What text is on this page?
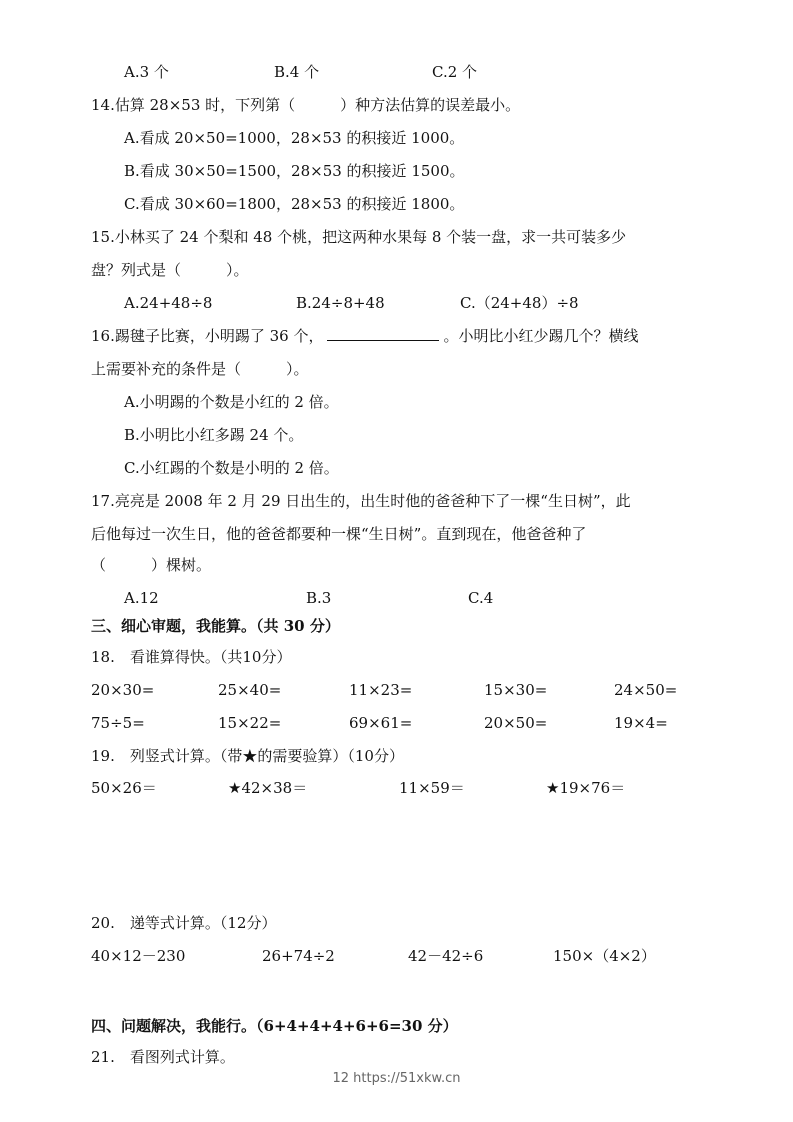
A.3 个	B.4 个	C.2 个
14.估算 28×53 时，下列第（　　　）种方法估算的误差最小。
A.看成 20×50=1000，28×53 的积接近 1000。
B.看成 30×50=1500，28×53 的积接近 1500。
C.看成 30×60=1800，28×53 的积接近 1800。
15.小林买了 24 个梨和 48 个桃，把这两种水果每 8 个装一盘，求一共可装多少
盘？列式是（　　　）。
A.24+48÷8	B.24÷8+48	C.（24+48）÷8
16.踢毽子比赛，小明踢了 36 个，	。小明比小红少踢几个？横线
上需要补充的条件是（　　　）。
A.小明踢的个数是小红的 2 倍。
B.小明比小红多踢 24 个。
C.小红踢的个数是小明的 2 倍。
17.亮亮是 2008 年 2 月 29 日出生的，出生时他的爸爸种下了一棵“生日树”，此
后他每过一次生日，他的爸爸都要种一棵“生日树”。直到现在，他爸爸种了
（　　　）棵树。
A.12	B.3	C.4
三、细心审题，我能算。（共 30 分）
18.　看谁算得快。（共10分）
20×30=	25×40=	11×23=	15×30=	24×50=
75÷5=	15×22=	69×61=	20×50=	19×4=
19.　列竖式计算。（带★的需要验算）（10分）
50×26＝	★42×38＝	11×59＝	★19×76＝
20.　递等式计算。（12分）
40×12－230	26+74÷2	42－42÷6	150×（4×2）
四、问题解决，我能行。（6+4+4+4+6+6=30 分）
21.　看图列式计算。
12 https://51xkw.cn
